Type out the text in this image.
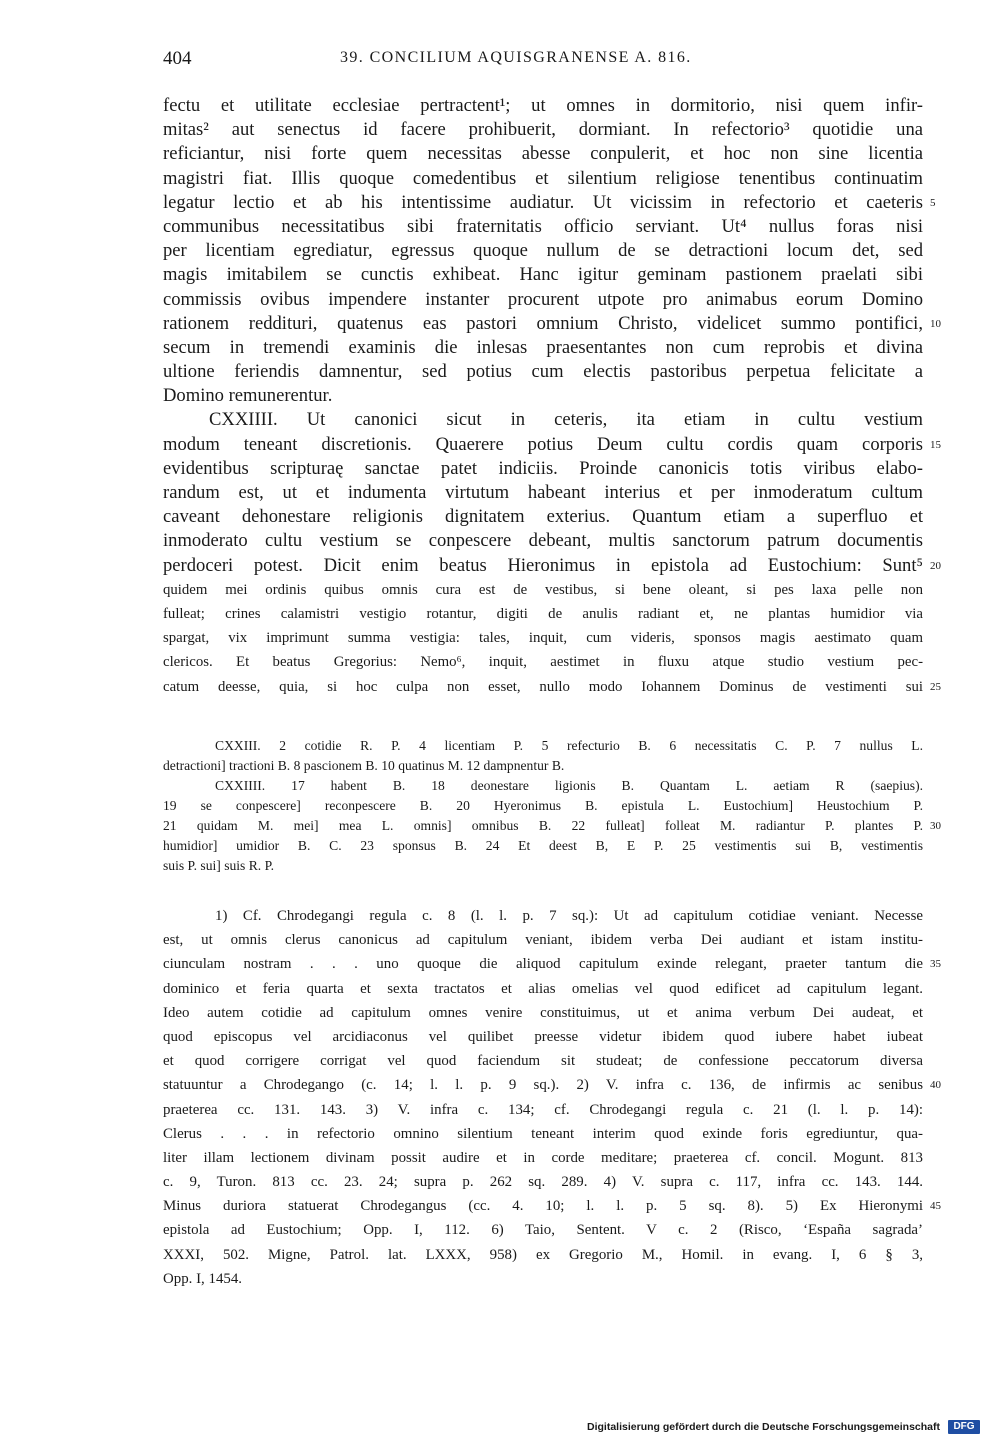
404	39. CONCILIUM AQUISGRANENSE A. 816.
fectu et utilitate ecclesiae pertractent¹; ut omnes in dormitorio, nisi quem infir-
mitas² aut senectus id facere prohibuerit, dormiant. In refectorio³ quotidie una
reficiantur, nisi forte quem necessitas abesse conpulerit, et hoc non sine licentia
magistri fiat. Illis quoque comedentibus et silentium religiose tenentibus continuatim
legatur lectio et ab his intentissime audiatur. Ut vicissim in refectorio et caeteris 5
communibus necessitatibus sibi fraternitatis officio serviant. Ut⁴ nullus foras nisi
per licentiam egrediatur, egressus quoque nullum de se detractioni locum det, sed
magis imitabilem se cunctis exhibeat. Hanc igitur geminam pastionem praelati sibi
commissis ovibus impendere instanter procurent utpote pro animabus eorum Domino
rationem reddituri, quatenus eas pastori omnium Christo, videlicet summo pontifici, 10
secum in tremendi examinis die inlesas praesentantes non cum reprobis et divina
ultione feriendis damnentur, sed potius cum electis pastoribus perpetua felicitate a
Domino remunerentur.
CXXIIII. Ut canonici sicut in ceteris, ita etiam in cultu vestium
modum teneant discretionis. Quaerere potius Deum cultu cordis quam corporis 15
evidentibus scripturaę sanctae patet indiciis. Proinde canonicis totis viribus elabo-
randum est, ut et indumenta virtutum habeant interius et per inmoderatum cultum
caveant dehonestare religionis dignitatem exterius. Quantum etiam a superfluo et
inmoderato cultu vestium se conpescere debeant, multis sanctorum patrum documentis
perdoceri potest. Dicit enim beatus Hieronimus in epistola ad Eustochium: Sunt⁵ 20
quidem mei ordinis quibus omnis cura est de vestibus, si bene oleant, si pes laxa pelle non
fulleat; crines calamistri vestigio rotantur, digiti de anulis radiant et, ne plantas humidior via
spargat, vix imprimunt summa vestigia: tales, inquit, cum videris, sponsos magis aestimato quam
clericos. Et beatus Gregorius: Nemo⁶, inquit, aestimet in fluxu atque studio vestium pec-
catum deesse, quia, si hoc culpa non esset, nullo modo Iohannem Dominus de vestimenti sui 25
CXXIII. 2 cotidie R. P. 4 licentiam P. 5 refecturio B. 6 necessitatis C. P. 7 nullus L.
detractioni] tractioni B. 8 pascionem B. 10 quatinus M. 12 dampnentur B.
CXXIIII. 17 habent B. 18 deonestare ligionis B. Quantam L. aetiam R (saepius).
19 se conpescere] reconpescere B. 20 Hyeronimus B. epistula L. Eustochium] Heustochium P.
21 quidam M. mei] mea L. omnis] omnibus B. 22 fulleat] folleat M. radiantur P. plantes P. 30
humidior] umidior B. C. 23 sponsus B. 24 Et deest B, E P. 25 vestimentis sui B, vestimentis
suis P. sui] suis R. P.
1) Cf. Chrodegangi regula c. 8 (l. l. p. 7 sq.): Ut ad capitulum cotidiae veniant. Necesse
est, ut omnis clerus canonicus ad capitulum veniant, ibidem verba Dei audiant et istam institu-
ciunculam nostram . . . uno quoque die aliquod capitulum exinde relegant, praeter tantum die 35
dominico et feria quarta et sexta tractatos et alias omelias vel quod edificet ad capitulum legant.
Ideo autem cotidie ad capitulum omnes venire constituimus, ut et anima verbum Dei audeat, et
quod episcopus vel arcidiaconus vel quilibet preesse videtur ibidem quod iubere habet iubeat
et quod corrigere corrigat vel quod faciendum sit studeat; de confessione peccatorum diversa
statuuntur a Chrodegango (c. 14; l. l. p. 9 sq.). 2) V. infra c. 136, de infirmis ac senibus 40
praeterea cc. 131. 143. 3) V. infra c. 134; cf. Chrodegangi regula c. 21 (l. l. p. 14):
Clerus . . . in refectorio omnino silentium teneant interim quod exinde foris egrediuntur, qua-
liter illam lectionem divinam possit audire et in corde meditare; praeterea cf. concil. Mogunt. 813
c. 9, Turon. 813 cc. 23. 24; supra p. 262 sq. 289. 4) V. supra c. 117, infra cc. 143. 144.
Minus duriora statuerat Chrodegangus (cc. 4. 10; l. l. p. 5 sq. 8). 5) Ex Hieronymi 45
epistola ad Eustochium; Opp. I, 112. 6) Taio, Sentent. V c. 2 (Risco, ‘España sagrada’
XXXI, 502. Migne, Patrol. lat. LXXX, 958) ex Gregorio M., Homil. in evang. I, 6 § 3,
Opp. I, 1454.
Digitalisierung gefördert durch die Deutsche Forschungsgemeinschaft	DFG
